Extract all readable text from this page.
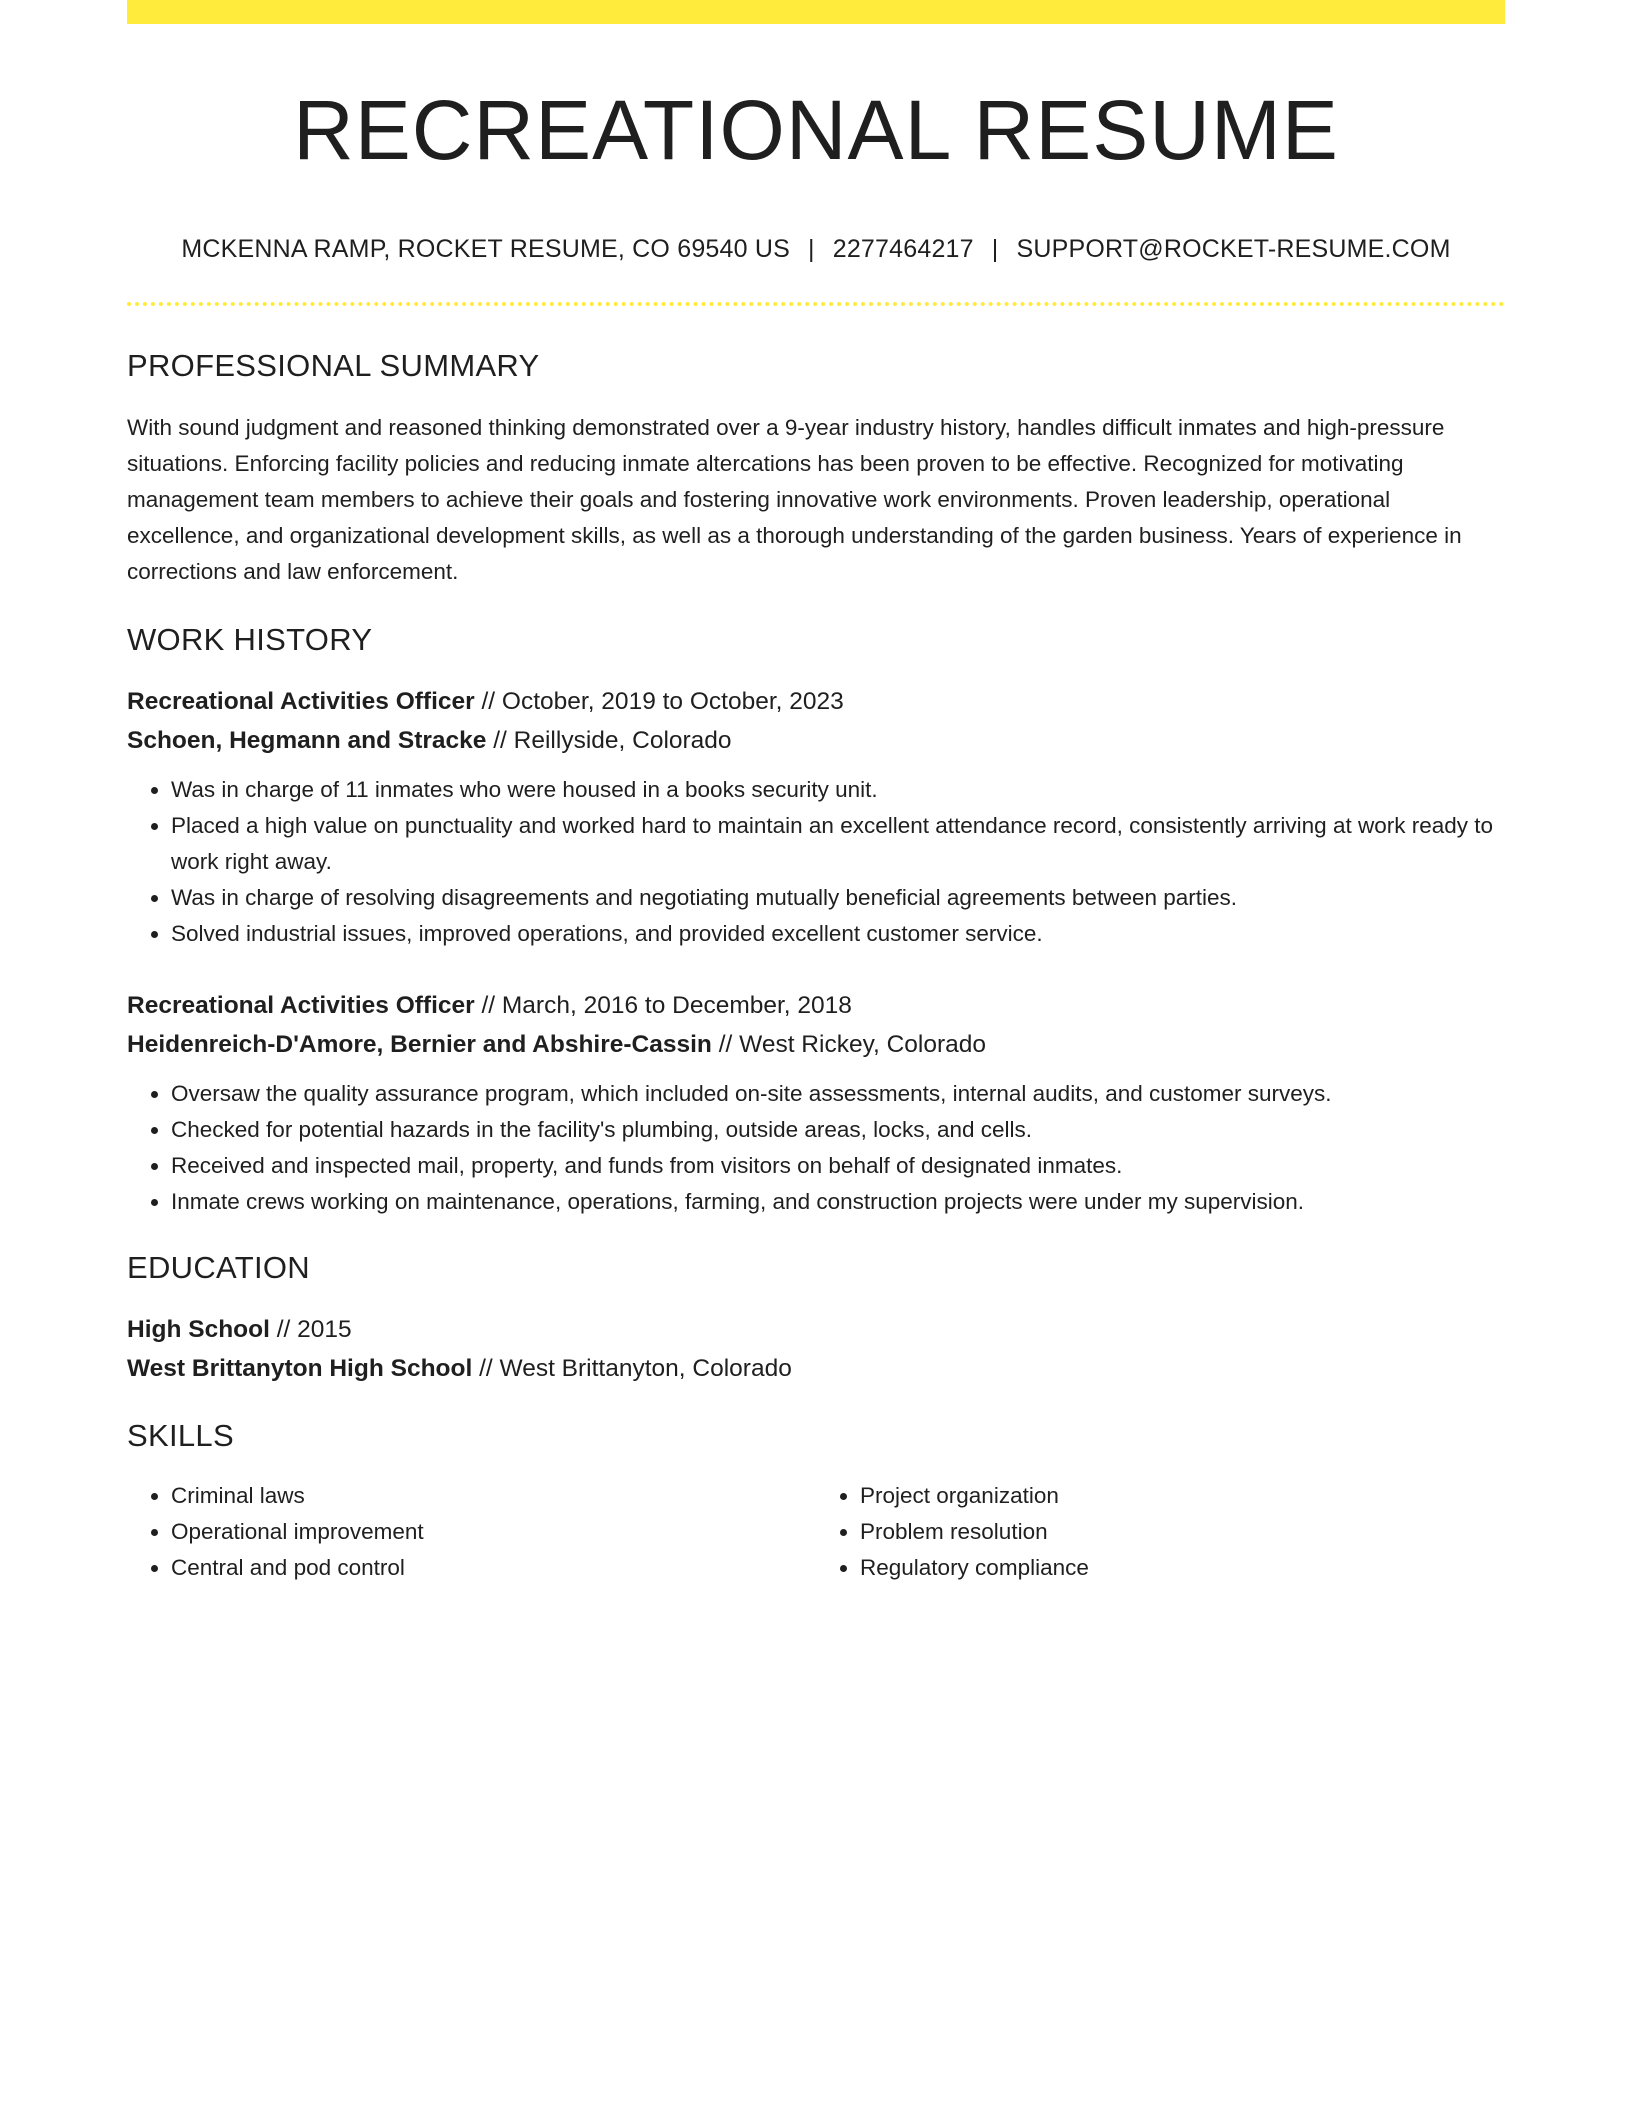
RECREATIONAL RESUME
MCKENNA RAMP, ROCKET RESUME, CO 69540 US | 2277464217 | SUPPORT@ROCKET-RESUME.COM
PROFESSIONAL SUMMARY

With sound judgment and reasoned thinking demonstrated over a 9-year industry history, handles difficult inmates and high-pressure situations. Enforcing facility policies and reducing inmate altercations has been proven to be effective. Recognized for motivating management team members to achieve their goals and fostering innovative work environments. Proven leadership, operational excellence, and organizational development skills, as well as a thorough understanding of the garden business. Years of experience in corrections and law enforcement.

WORK HISTORY
Recreational Activities Officer // October, 2019 to October, 2023
Schoen, Hegmann and Stracke // Reillyside, Colorado
• Was in charge of 11 inmates who were housed in a books security unit.
• Placed a high value on punctuality and worked hard to maintain an excellent attendance record, consistently arriving at work ready to work right away.
• Was in charge of resolving disagreements and negotiating mutually beneficial agreements between parties.
• Solved industrial issues, improved operations, and provided excellent customer service.
Recreational Activities Officer // March, 2016 to December, 2018
Heidenreich-D'Amore, Bernier and Abshire-Cassin // West Rickey, Colorado
• Oversaw the quality assurance program, which included on-site assessments, internal audits, and customer surveys.
• Checked for potential hazards in the facility's plumbing, outside areas, locks, and cells.
• Received and inspected mail, property, and funds from visitors on behalf of designated inmates.
• Inmate crews working on maintenance, operations, farming, and construction projects were under my supervision.
EDUCATION
High School // 2015
West Brittanyton High School // West Brittanyton, Colorado
SKILLS
• Criminal laws
• Operational improvement
• Central and pod control
• Project organization
• Problem resolution
• Regulatory compliance
